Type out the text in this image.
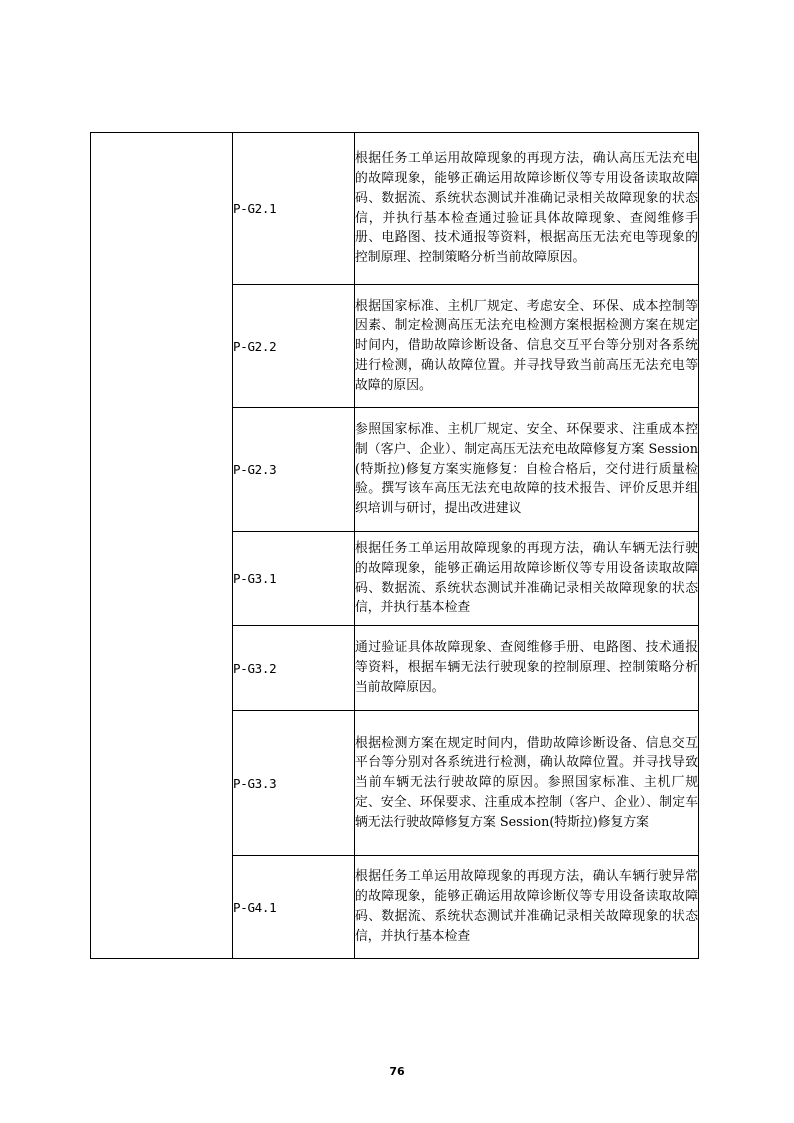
	P-G2.1	根据任务工单运用故障现象的再现方法，确认高压无法充电的故障现象，能够正确运用故障诊断仪等专用设备读取故障码、数据流、系统状态测试并准确记录相关故障现象的状态信，并执行基本检查通过验证具体故障现象、查阅维修手册、电路图、技术通报等资料，根据高压无法充电等现象的控制原理、控制策略分析当前故障原因。
	P-G2.2	根据国家标准、主机厂规定、考虑安全、环保、成本控制等因素、制定检测高压无法充电检测方案根据检测方案在规定时间内，借助故障诊断设备、信息交互平台等分别对各系统进行检测，确认故障位置。并寻找导致当前高压无法充电等故障的原因。
	P-G2.3	参照国家标准、主机厂规定、安全、环保要求、注重成本控制（客户、企业）、制定高压无法充电故障修复方案 Session(特斯拉)修复方案实施修复：自检合格后，交付进行质量检验。撰写该车高压无法充电故障的技术报告、评价反思并组织培训与研讨，提出改进建议
	P-G3.1	根据任务工单运用故障现象的再现方法，确认车辆无法行驶的故障现象，能够正确运用故障诊断仪等专用设备读取故障码、数据流、系统状态测试并准确记录相关故障现象的状态信，并执行基本检查
	P-G3.2	通过验证具体故障现象、查阅维修手册、电路图、技术通报等资料，根据车辆无法行驶现象的控制原理、控制策略分析当前故障原因。
	P-G3.3	根据检测方案在规定时间内，借助故障诊断设备、信息交互平台等分别对各系统进行检测，确认故障位置。并寻找导致当前车辆无法行驶故障的原因。参照国家标准、主机厂规定、安全、环保要求、注重成本控制（客户、企业）、制定车辆无法行驶故障修复方案 Session(特斯拉)修复方案
	P-G4.1	根据任务工单运用故障现象的再现方法，确认车辆行驶异常的故障现象，能够正确运用故障诊断仪等专用设备读取故障码、数据流、系统状态测试并准确记录相关故障现象的状态信，并执行基本检查
76
